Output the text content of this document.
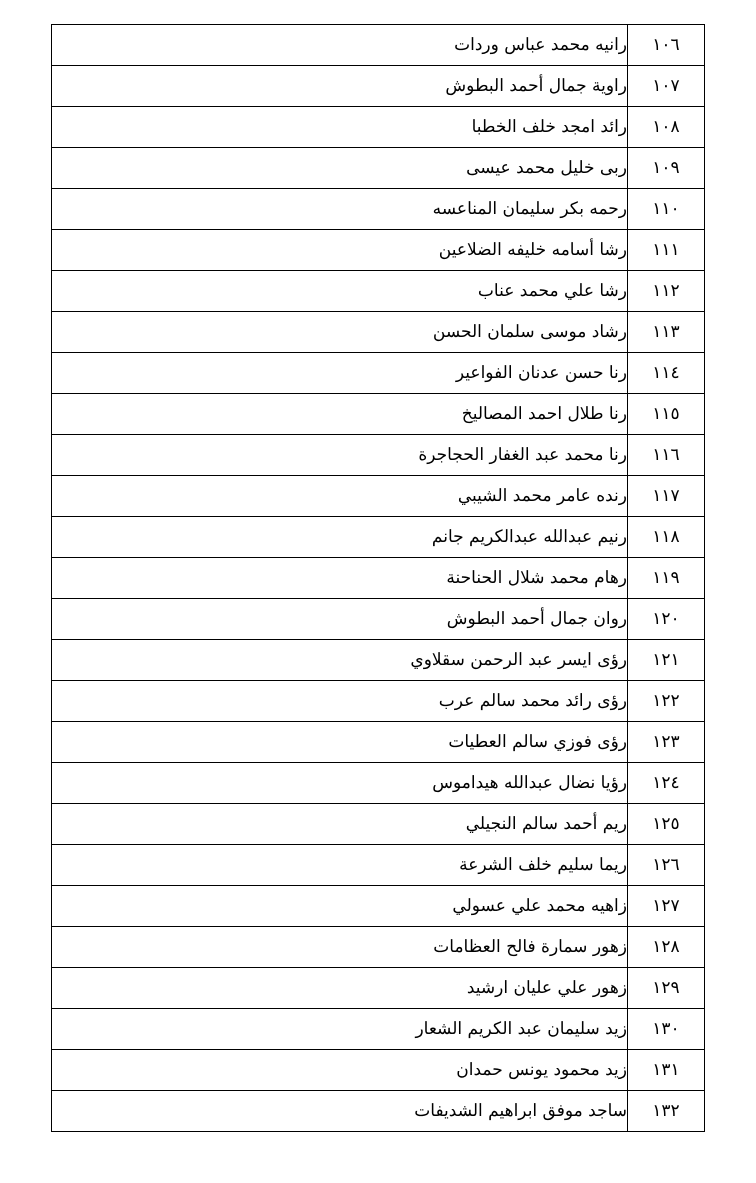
١٠٦	رانيه محمد عباس وردات
١٠٧	راوية جمال أحمد البطوش
١٠٨	رائد امجد خلف الخطبا
١٠٩	ربى خليل محمد عيسى
١١٠	رحمه بكر سليمان المناعسه
١١١	رشا أسامه خليفه الضلاعين
١١٢	رشا علي محمد عناب
١١٣	رشاد موسى سلمان الحسن
١١٤	رنا حسن عدنان الفواعير
١١٥	رنا طلال احمد المصاليخ
١١٦	رنا محمد عبد الغفار الحجاجرة
١١٧	رنده عامر محمد الشيبي
١١٨	رنيم عبدالله عبدالكريم جانم
١١٩	رهام محمد شلال الحناحنة
١٢٠	روان جمال أحمد البطوش
١٢١	رؤى ايسر عبد الرحمن سقلاوي
١٢٢	رؤى رائد محمد سالم عرب
١٢٣	رؤى فوزي سالم العطيات
١٢٤	رؤيا نضال عبدالله هيداموس
١٢٥	ريم أحمد سالم النجيلي
١٢٦	ريما سليم خلف الشرعة
١٢٧	زاهيه محمد علي عسولي
١٢٨	زهور سمارة فالح العظامات
١٢٩	زهور علي عليان ارشيد
١٣٠	زيد سليمان عبد الكريم الشعار
١٣١	زيد محمود يونس حمدان
١٣٢	ساجد موفق ابراهيم الشديفات
